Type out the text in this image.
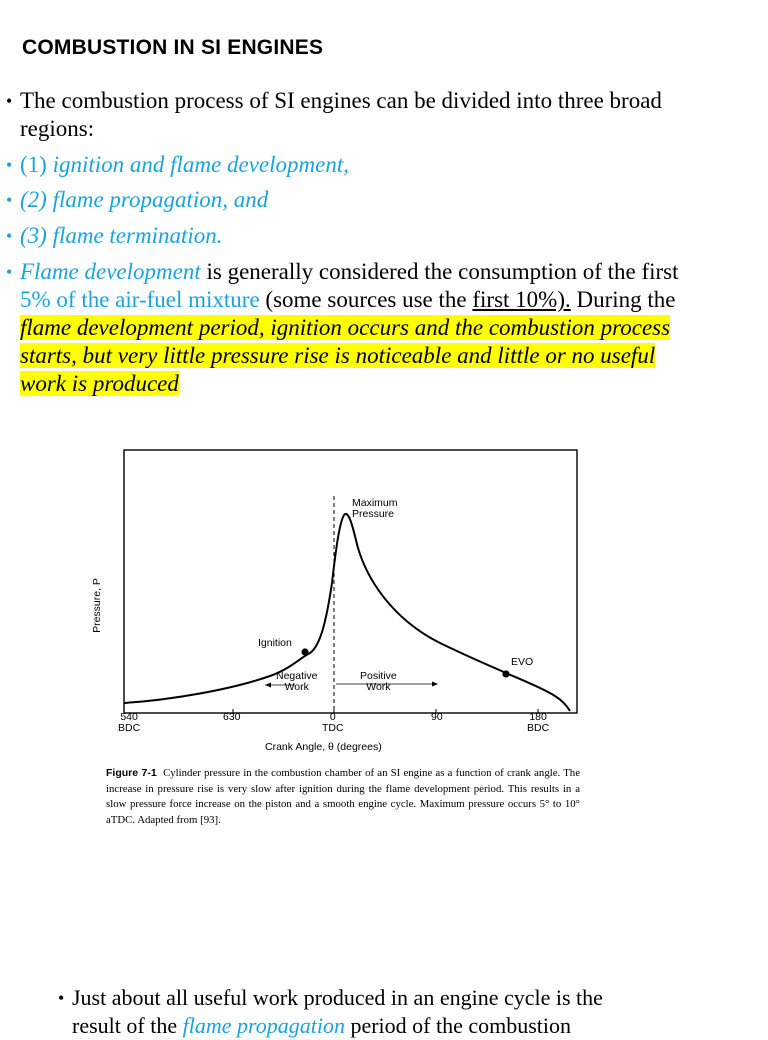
COMBUSTION IN SI ENGINES
• The combustion process of SI engines can be divided into three broad
regions:
• (1) ignition and flame development,
• (2) flame propagation, and
• (3) flame termination.
• Flame development is generally considered the consumption of the first
5% of the air-fuel mixture (some sources use the first 10%). During the
flame development period, ignition occurs and the combustion process
starts, but very little pressure rise is noticeable and little or no useful
work is produced
Pressure, P
Maximum
Pressure
Ignition
EVO
Negative
Work
Positive
Work
540
BDC
630	0
TDC
90	180
BDC
Crank Angle, θ (degrees)
Figure 7-1 Cylinder pressure in the combustion chamber of an SI engine as a function of crank angle. The increase in pressure rise is very slow after ignition during the flame development period. This results in a slow pressure force increase on the piston and a smooth engine cycle. Maximum pressure occurs 5° to 10° aTDC. Adapted from [93].
• Just about all useful work produced in an engine cycle is the
result of the flame propagation period of the combustion
